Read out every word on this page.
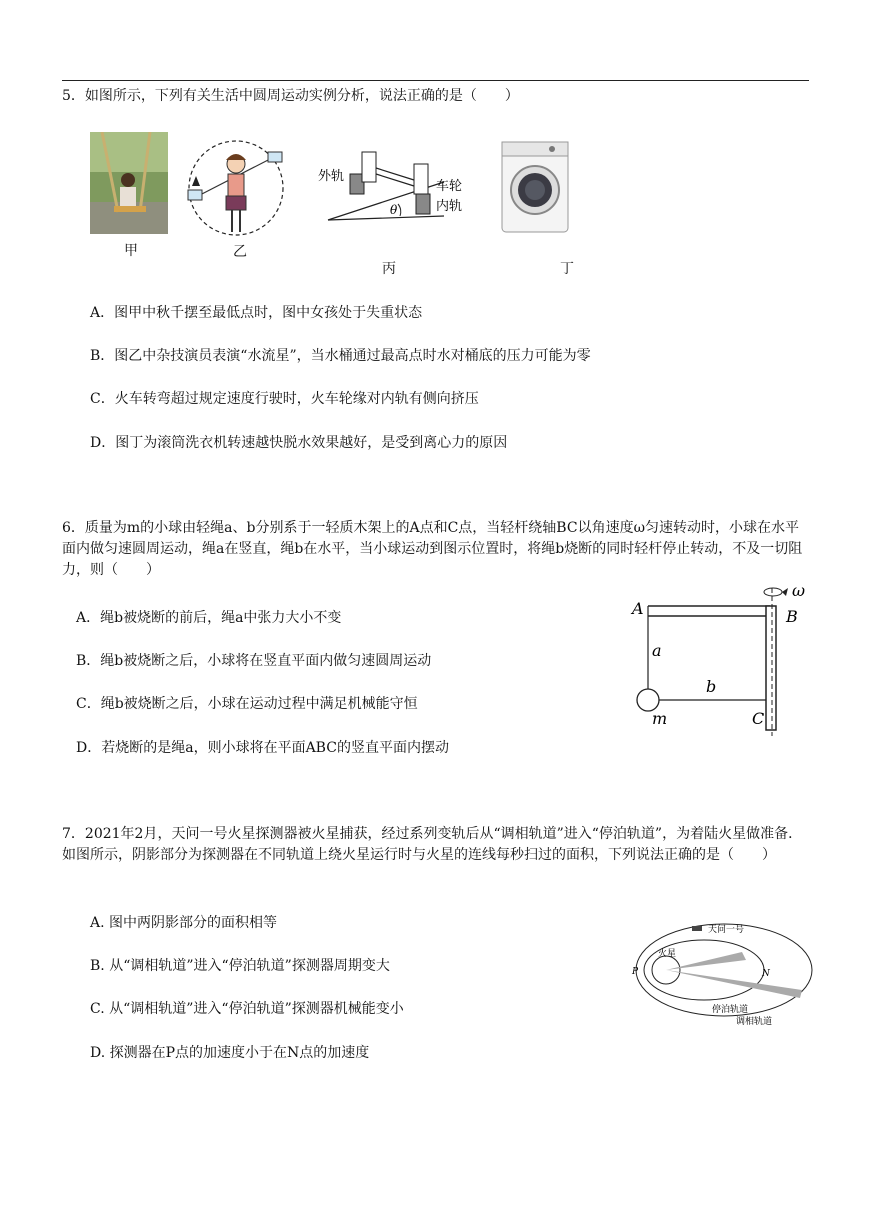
5．如图所示，下列有关生活中圆周运动实例分析，说法正确的是（　　）
甲	乙
外轨
车轮
内轨
θ
丙	丁
A．图甲中秋千摆至最低点时，图中女孩处于失重状态
B．图乙中杂技演员表演“水流星”，当水桶通过最高点时水对桶底的压力可能为零
C．火车转弯超过规定速度行驶时，火车轮缘对内轨有侧向挤压
D．图丁为滚筒洗衣机转速越快脱水效果越好，是受到离心力的原因
6．质量为m的小球由轻绳a、b分别系于一轻质木架上的A点和C点，当轻杆绕轴BC以角速度ω匀速转动时，小球在水平面内做匀速圆周运动，绳a在竖直，绳b在水平，当小球运动到图示位置时，将绳b烧断的同时轻杆停止转动，不及一切阻力，则（　　）
A	B
C
a
b
m
ω
A．绳b被烧断的前后，绳a中张力大小不变
B．绳b被烧断之后，小球将在竖直平面内做匀速圆周运动
C．绳b被烧断之后，小球在运动过程中满足机械能守恒
D．若烧断的是绳a，则小球将在平面ABC的竖直平面内摆动
7．2021年2月，天问一号火星探测器被火星捕获，经过系列变轨后从“调相轨道”进入“停泊轨道”，为着陆火星做准备．如图所示，阴影部分为探测器在不同轨道上绕火星运行时与火星的连线每秒扫过的面积，下列说法正确的是（　　）
天问一号
火星
P	N
停泊轨道
调相轨道
A. 图中两阴影部分的面积相等
B. 从“调相轨道”进入“停泊轨道”探测器周期变大
C. 从“调相轨道”进入“停泊轨道”探测器机械能变小
D. 探测器在P点的加速度小于在N点的加速度
